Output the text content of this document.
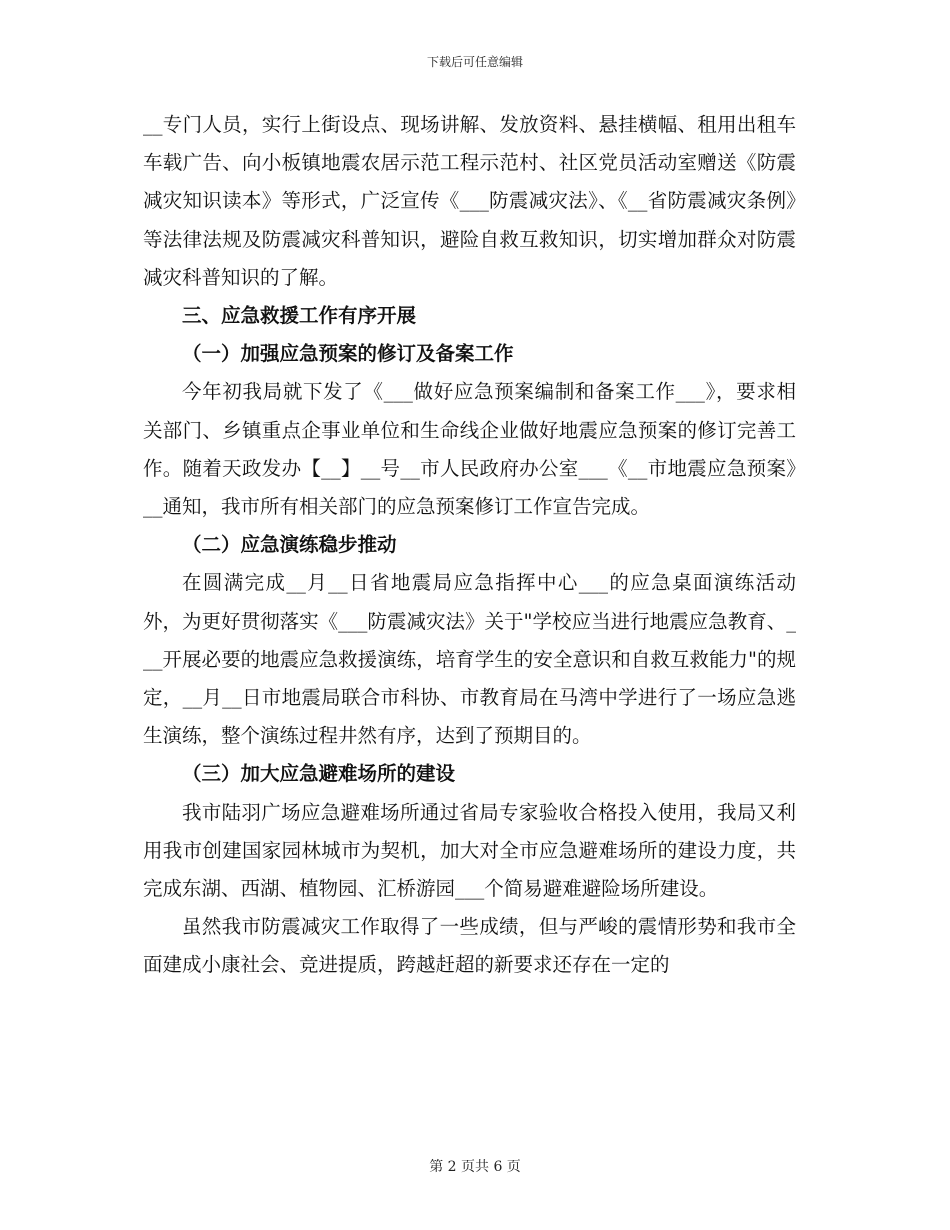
下载后可任意编辑

__专门人员，实行上街设点、现场讲解、发放资料、悬挂横幅、租用出租车车载广告、向小板镇地震农居示范工程示范村、社区党员活动室赠送《防震减灾知识读本》等形式，广泛宣传《___防震减灾法》、《__省防震减灾条例》等法律法规及防震减灾科普知识，避险自救互救知识，切实增加群众对防震减灾科普知识的了解。

三、应急救援工作有序开展

（一）加强应急预案的修订及备案工作

今年初我局就下发了《___做好应急预案编制和备案工作___》，要求相关部门、乡镇重点企事业单位和生命线企业做好地震应急预案的修订完善工作。随着天政发办【__】__号__市人民政府办公室___《__市地震应急预案》__通知，我市所有相关部门的应急预案修订工作宣告完成。

（二）应急演练稳步推动

在圆满完成__月__日省地震局应急指挥中心___的应急桌面演练活动外，为更好贯彻落实《___防震减灾法》关于"学校应当进行地震应急教育、___开展必要的地震应急救援演练，培育学生的安全意识和自救互救能力"的规定，__月__日市地震局联合市科协、市教育局在马湾中学进行了一场应急逃生演练，整个演练过程井然有序，达到了预期目的。

（三）加大应急避难场所的建设

我市陆羽广场应急避难场所通过省局专家验收合格投入使用，我局又利用我市创建国家园林城市为契机，加大对全市应急避难场所的建设力度，共完成东湖、西湖、植物园、汇桥游园___个简易避难避险场所建设。

虽然我市防震减灾工作取得了一些成绩，但与严峻的震情形势和我市全面建成小康社会、竞进提质，跨越赶超的新要求还存在一定的

第 2 页共 6 页
